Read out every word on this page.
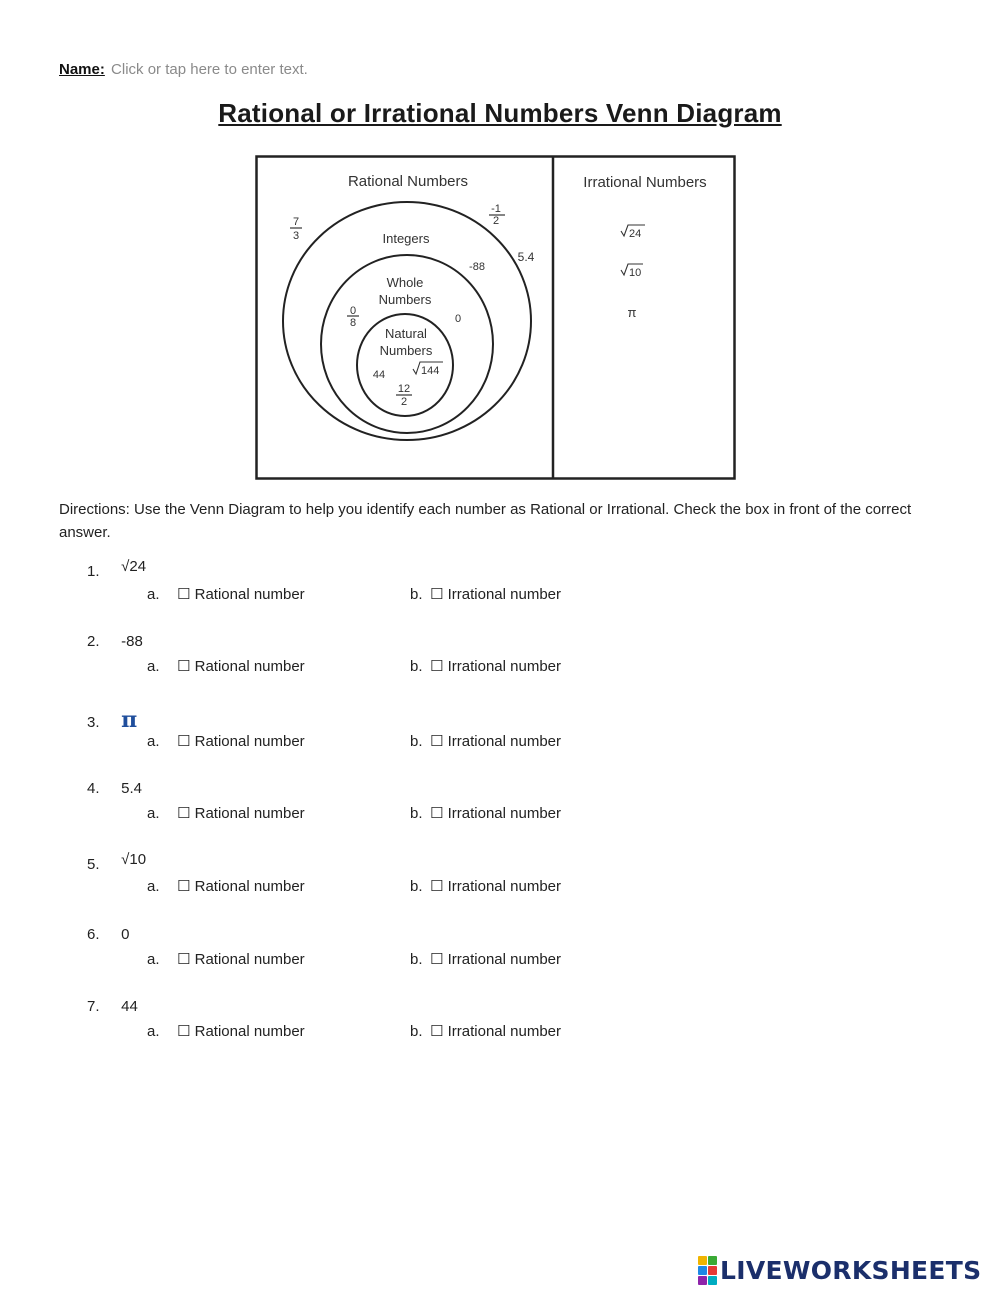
Name: Click or tap here to enter text.
Rational or Irrational Numbers Venn Diagram
Rational Numbers	Irrational Numbers
Integers
Whole
Numbers
Natural
Numbers
7
3
-1
2
5.4
-88
0
8	0
44	144
12
2
24
10
π
Directions: Use the Venn Diagram to help you identify each number as Rational or Irrational. Check the box in front of the correct answer.
1. √24
a. ☐ Rational number	b. ☐ Irrational number
2. -88
a. ☐ Rational number	b. ☐ Irrational number
3. π
a. ☐ Rational number	b. ☐ Irrational number
4. 5.4
a. ☐ Rational number	b. ☐ Irrational number
5. √10
a. ☐ Rational number	b. ☐ Irrational number
6. 0
a. ☐ Rational number	b. ☐ Irrational number
7. 44
a. ☐ Rational number	b. ☐ Irrational number
LIVEWORKSHEETS
